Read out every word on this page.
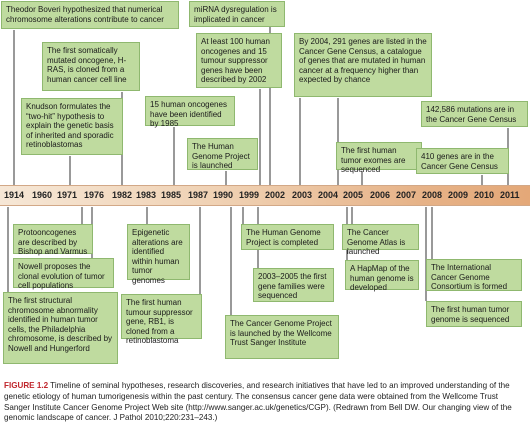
1914 1960 1971 1976 1982 1983 1985 1987 1990 1999 2002 2003 2004 2005 2006 2007 2008 2009 2010 2011
Theodor Boveri hypothesized that numerical chromosome alterations contribute to cancer
The first somatically mutated oncogene, H-RAS, is cloned from a human cancer cell line
Knudson formulates the “two-hit” hypothesis to explain the genetic basis of inherited and sporadic retinoblastomas
15 human oncogenes have been identified by 1985
The Human Genome Project is launched
miRNA dysregulation is implicated in cancer
At least 100 human oncogenes and 15 tumour suppressor genes have been described by 2002
By 2004, 291 genes are listed in the Cancer Gene Census, a catalogue of genes that are mutated in human cancer at a frequency higher than expected by chance
The first human tumor exomes are sequenced
142,586 mutations are in the Cancer Gene Census
410 genes are in the Cancer Gene Census
Protooncogenes are described by Bishop and Varmus
Nowell proposes the clonal evolution of tumor cell populations
The first structural chromosome abnormality identified in human tumor cells, the Philadelphia chromosome, is described by Nowell and Hungerford
Epigenetic alterations are identified within human tumor genomes
The first human tumour suppressor gene, RB1, is cloned from a retinoblastoma
The Human Genome Project is completed
2003–2005 the first gene families were sequenced
The Cancer Genome Project is launched by the Wellcome Trust Sanger Institute
The Cancer Genome Atlas is launched
A HapMap of the human genome is developed
The International Cancer Genome Consortium is formed
The first human tumor genome is sequenced
FIGURE 1.2 Timeline of seminal hypotheses, research discoveries, and research initiatives that have led to an improved understanding of the genetic etiology of human tumorigenesis within the past century. The consensus cancer gene data were obtained from the Wellcome Trust Sanger Institute Cancer Genome Project Web site (http://www.sanger.ac.uk/genetics/CGP). (Redrawn from Bell DW. Our changing view of the genomic landscape of cancer. J Pathol 2010;220:231–243.)
